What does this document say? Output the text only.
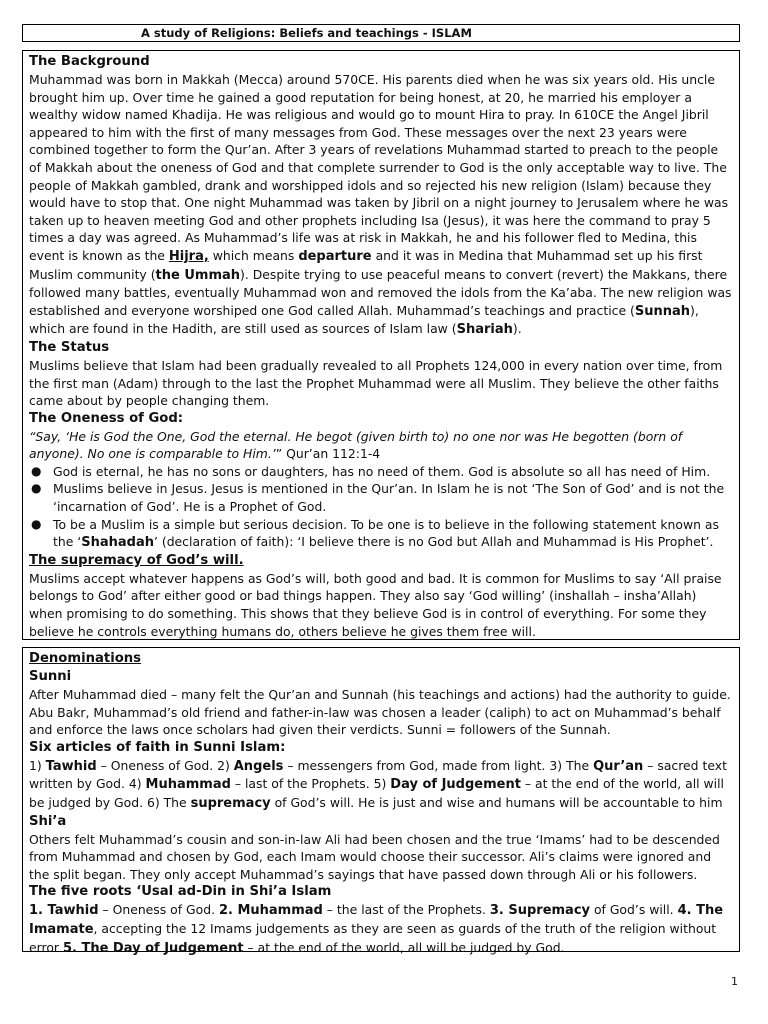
A study of Religions: Beliefs and teachings - ISLAM

The Background

Muhammad was born in Makkah (Mecca) around 570CE. His parents died when he was six years old. His uncle brought him up. Over time he gained a good reputation for being honest, at 20, he married his employer a wealthy widow named Khadija. He was religious and would go to mount Hira to pray. In 610CE the Angel Jibril appeared to him with the first of many messages from God. These messages over the next 23 years were combined together to form the Qur’an. After 3 years of revelations Muhammad started to preach to the people of Makkah about the oneness of God and that complete surrender to God is the only acceptable way to live. The people of Makkah gambled, drank and worshipped idols and so rejected his new religion (Islam) because they would have to stop that. One night Muhammad was taken by Jibril on a night journey to Jerusalem where he was taken up to heaven meeting God and other prophets including Isa (Jesus), it was here the command to pray 5 times a day was agreed. As Muhammad’s life was at risk in Makkah, he and his follower fled to Medina, this event is known as the Hijra, which means departure and it was in Medina that Muhammad set up his first Muslim community (the Ummah). Despite trying to use peaceful means to convert (revert) the Makkans, there followed many battles, eventually Muhammad won and removed the idols from the Ka’aba. The new religion was established and everyone worshiped one God called Allah. Muhammad’s teachings and practice (Sunnah), which are found in the Hadith, are still used as sources of Islam law (Shariah).

The Status

Muslims believe that Islam had been gradually revealed to all Prophets 124,000 in every nation over time, from the first man (Adam) through to the last the Prophet Muhammad were all Muslim. They believe the other faiths came about by people changing them.

The Oneness of God:

“Say, ‘He is God the One, God the eternal. He begot (given birth to) no one nor was He begotten (born of anyone). No one is comparable to Him.’” Qur’an 112:1-4

● God is eternal, he has no sons or daughters, has no need of them. God is absolute so all has need of Him.
● Muslims believe in Jesus. Jesus is mentioned in the Qur’an. In Islam he is not ‘The Son of God’ and is not the ‘incarnation of God’. He is a Prophet of God.
● To be a Muslim is a simple but serious decision. To be one is to believe in the following statement known as the ‘Shahadah’ (declaration of faith): ‘I believe there is no God but Allah and Muhammad is His Prophet’.

The supremacy of God’s will.

Muslims accept whatever happens as God’s will, both good and bad. It is common for Muslims to say ‘All praise belongs to God’ after either good or bad things happen. They also say ‘God willing’ (inshallah – insha’Allah) when promising to do something. This shows that they believe God is in control of everything. For some they believe he controls everything humans do, others believe he gives them free will.

Denominations

Sunni

After Muhammad died – many felt the Qur’an and Sunnah (his teachings and actions) had the authority to guide. Abu Bakr, Muhammad’s old friend and father-in-law was chosen a leader (caliph) to act on Muhammad’s behalf and enforce the laws once scholars had given their verdicts. Sunni = followers of the Sunnah.

Six articles of faith in Sunni Islam:

1) Tawhid – Oneness of God. 2) Angels – messengers from God, made from light. 3) The Qur’an – sacred text written by God. 4) Muhammad – last of the Prophets. 5) Day of Judgement – at the end of the world, all will be judged by God. 6) The supremacy of God’s will. He is just and wise and humans will be accountable to him

Shi’a

Others felt Muhammad’s cousin and son-in-law Ali had been chosen and the true ‘Imams’ had to be descended from Muhammad and chosen by God, each Imam would choose their successor. Ali’s claims were ignored and the split began. They only accept Muhammad’s sayings that have passed down through Ali or his followers.

The five roots ‘Usal ad-Din in Shi’a Islam

1. Tawhid – Oneness of God. 2. Muhammad – the last of the Prophets. 3. Supremacy of God’s will. 4. The Imamate, accepting the 12 Imams judgements as they are seen as guards of the truth of the religion without error 5. The Day of Judgement – at the end of the world, all will be judged by God.

1
